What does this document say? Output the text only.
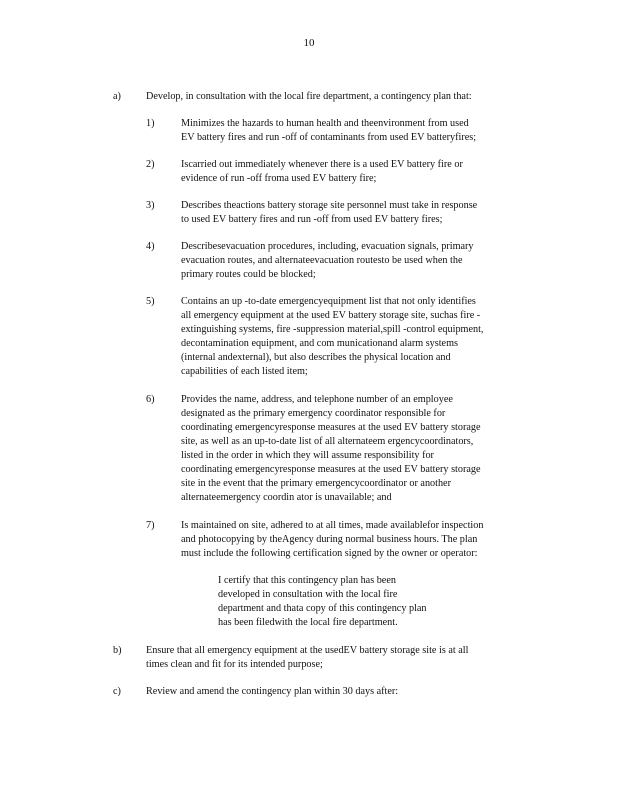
10
a) Develop, in consultation with the local fire department, a contingency plan that:
1)	Minimizes the hazards to human health and theenvironment from used
EV battery fires and run -off of contaminants from used EV batteryfires;
2)	Iscarried out immediately whenever there is a used EV battery fire or
evidence of run -off froma used EV battery fire;
3)	Describes theactions battery storage site personnel must take in response
to used EV battery fires and run -off from used EV battery fires;
4)	Describesevacuation procedures, including, evacuation signals, primary
evacuation routes, and alternateevacuation routesto be used when the
primary routes could be blocked;
5)	Contains an up -to-date emergencyequipment list that not only identifies
all emergency equipment at the used EV battery storage site, suchas fire -
extinguishing systems, fire -suppression material,spill -control equipment,
decontamination equipment, and com municationand alarm systems
(internal andexternal), but also describes the physical location and
capabilities of each listed item;
6)	Provides the name, address, and telephone number of an employee
designated as the primary emergency coordinator responsible for
coordinating emergencyresponse measures at the used EV battery storage
site, as well as an up-to-date list of all alternateem ergencycoordinators,
listed in the order in which they will assume responsibility for
coordinating emergencyresponse measures at the used EV battery storage
site in the event that the primary emergencycoordinator or another
alternateemergency coordin ator is unavailable; and
7)	Is maintained on site, adhered to at all times, made availablefor inspection
and photocopying by theAgency during normal business hours. The plan
must include the following certification signed by the owner or operator:
I certify that this contingency plan has been
developed in consultation with the local fire
department and thata copy of this contingency plan
has been filedwith the local fire department.
b) Ensure that all emergency equipment at the usedEV battery storage site is at all
times clean and fit for its intended purpose;
c) Review and amend the contingency plan within 30 days after:
